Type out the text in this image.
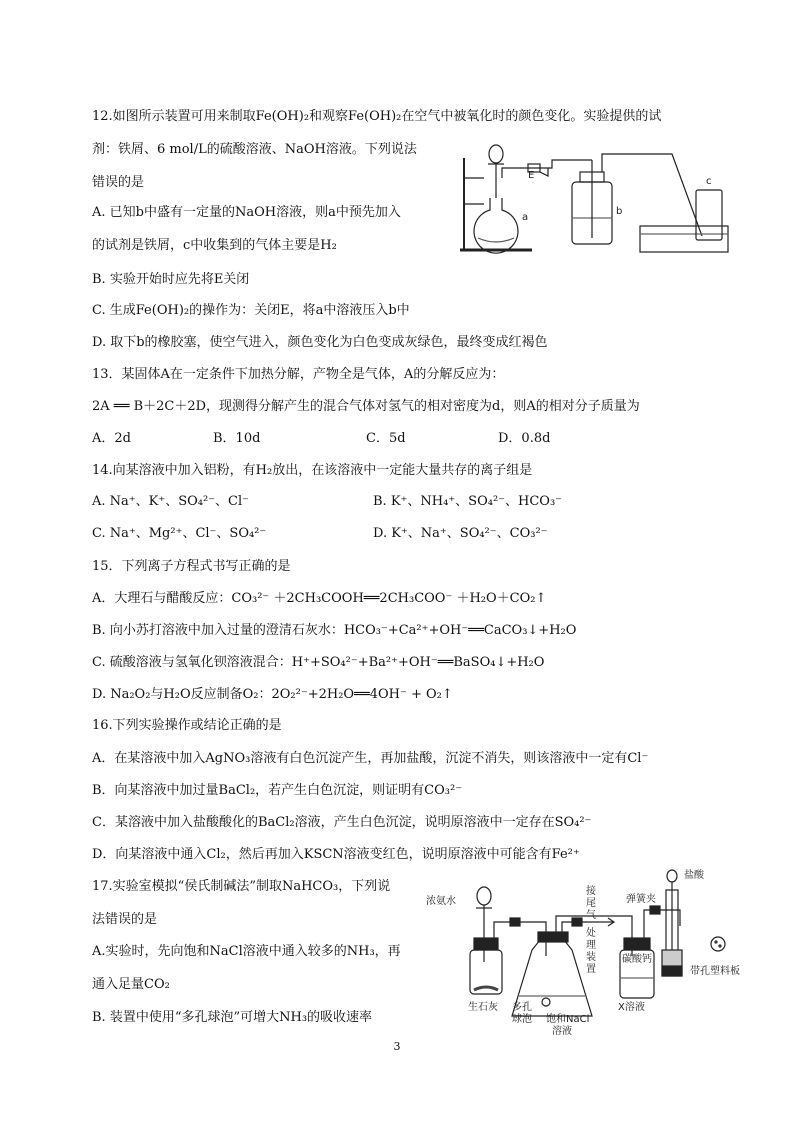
12.如图所示装置可用来制取Fe(OH)₂和观察Fe(OH)₂在空气中被氧化时的颜色变化。实验提供的试
剂：铁屑、6 mol/L的硫酸溶液、NaOH溶液。下列说法
错误的是
A. 已知b中盛有一定量的NaOH溶液，则a中预先加入
的试剂是铁屑，c中收集到的气体主要是H₂
B. 实验开始时应先将E关闭
C. 生成Fe(OH)₂的操作为：关闭E，将a中溶液压入b中
D. 取下b的橡胶塞，使空气进入，颜色变化为白色变成灰绿色，最终变成红褐色
a
E
b
c
13．某固体A在一定条件下加热分解，产物全是气体，A的分解反应为：
2A ══ B＋2C＋2D，现测得分解产生的混合气体对氢气的相对密度为d，则A的相对分子质量为
A．2d	B．10d	C．5d	D．0.8d
14.向某溶液中加入铝粉，有H₂放出，在该溶液中一定能大量共存的离子组是
A. Na⁺、K⁺、SO₄²⁻、Cl⁻	B. K⁺、NH₄⁺、SO₄²⁻、HCO₃⁻
C. Na⁺、Mg²⁺、Cl⁻、SO₄²⁻	D. K⁺、Na⁺、SO₄²⁻、CO₃²⁻
15．下列离子方程式书写正确的是
A．大理石与醋酸反应：CO₃²⁻ ＋2CH₃COOH══2CH₃COO⁻ ＋H₂O＋CO₂↑
B. 向小苏打溶液中加入过量的澄清石灰水：HCO₃⁻+Ca²⁺+OH⁻══CaCO₃↓+H₂O
C. 硫酸溶液与氢氧化钡溶液混合：H⁺+SO₄²⁻+Ba²⁺+OH⁻══BaSO₄↓+H₂O
D. Na₂O₂与H₂O反应制备O₂：2O₂²⁻+2H₂O══4OH⁻ + O₂↑
16.下列实验操作或结论正确的是
A．在某溶液中加入AgNO₃溶液有白色沉淀产生，再加盐酸，沉淀不消失，则该溶液中一定有Cl⁻
B．向某溶液中加过量BaCl₂，若产生白色沉淀，则证明有CO₃²⁻
C．某溶液中加入盐酸酸化的BaCl₂溶液，产生白色沉淀，说明原溶液中一定存在SO₄²⁻
D．向某溶液中通入Cl₂，然后再加入KSCN溶液变红色，说明原溶液中可能含有Fe²⁺
17.实验室模拟“侯氏制碱法”制取NaHCO₃，下列说
法错误的是
A.实验时，先向饱和NaCl溶液中通入较多的NH₃，再
通入足量CO₂
B. 装置中使用“多孔球泡”可增大NH₃的吸收速率
浓氨水
生石灰 多孔
球泡 饱和NaCl
溶液
接
尾
气
处
理
装
置
X溶液
盐酸
弹簧夹
碳酸钙
带孔塑料板
3
